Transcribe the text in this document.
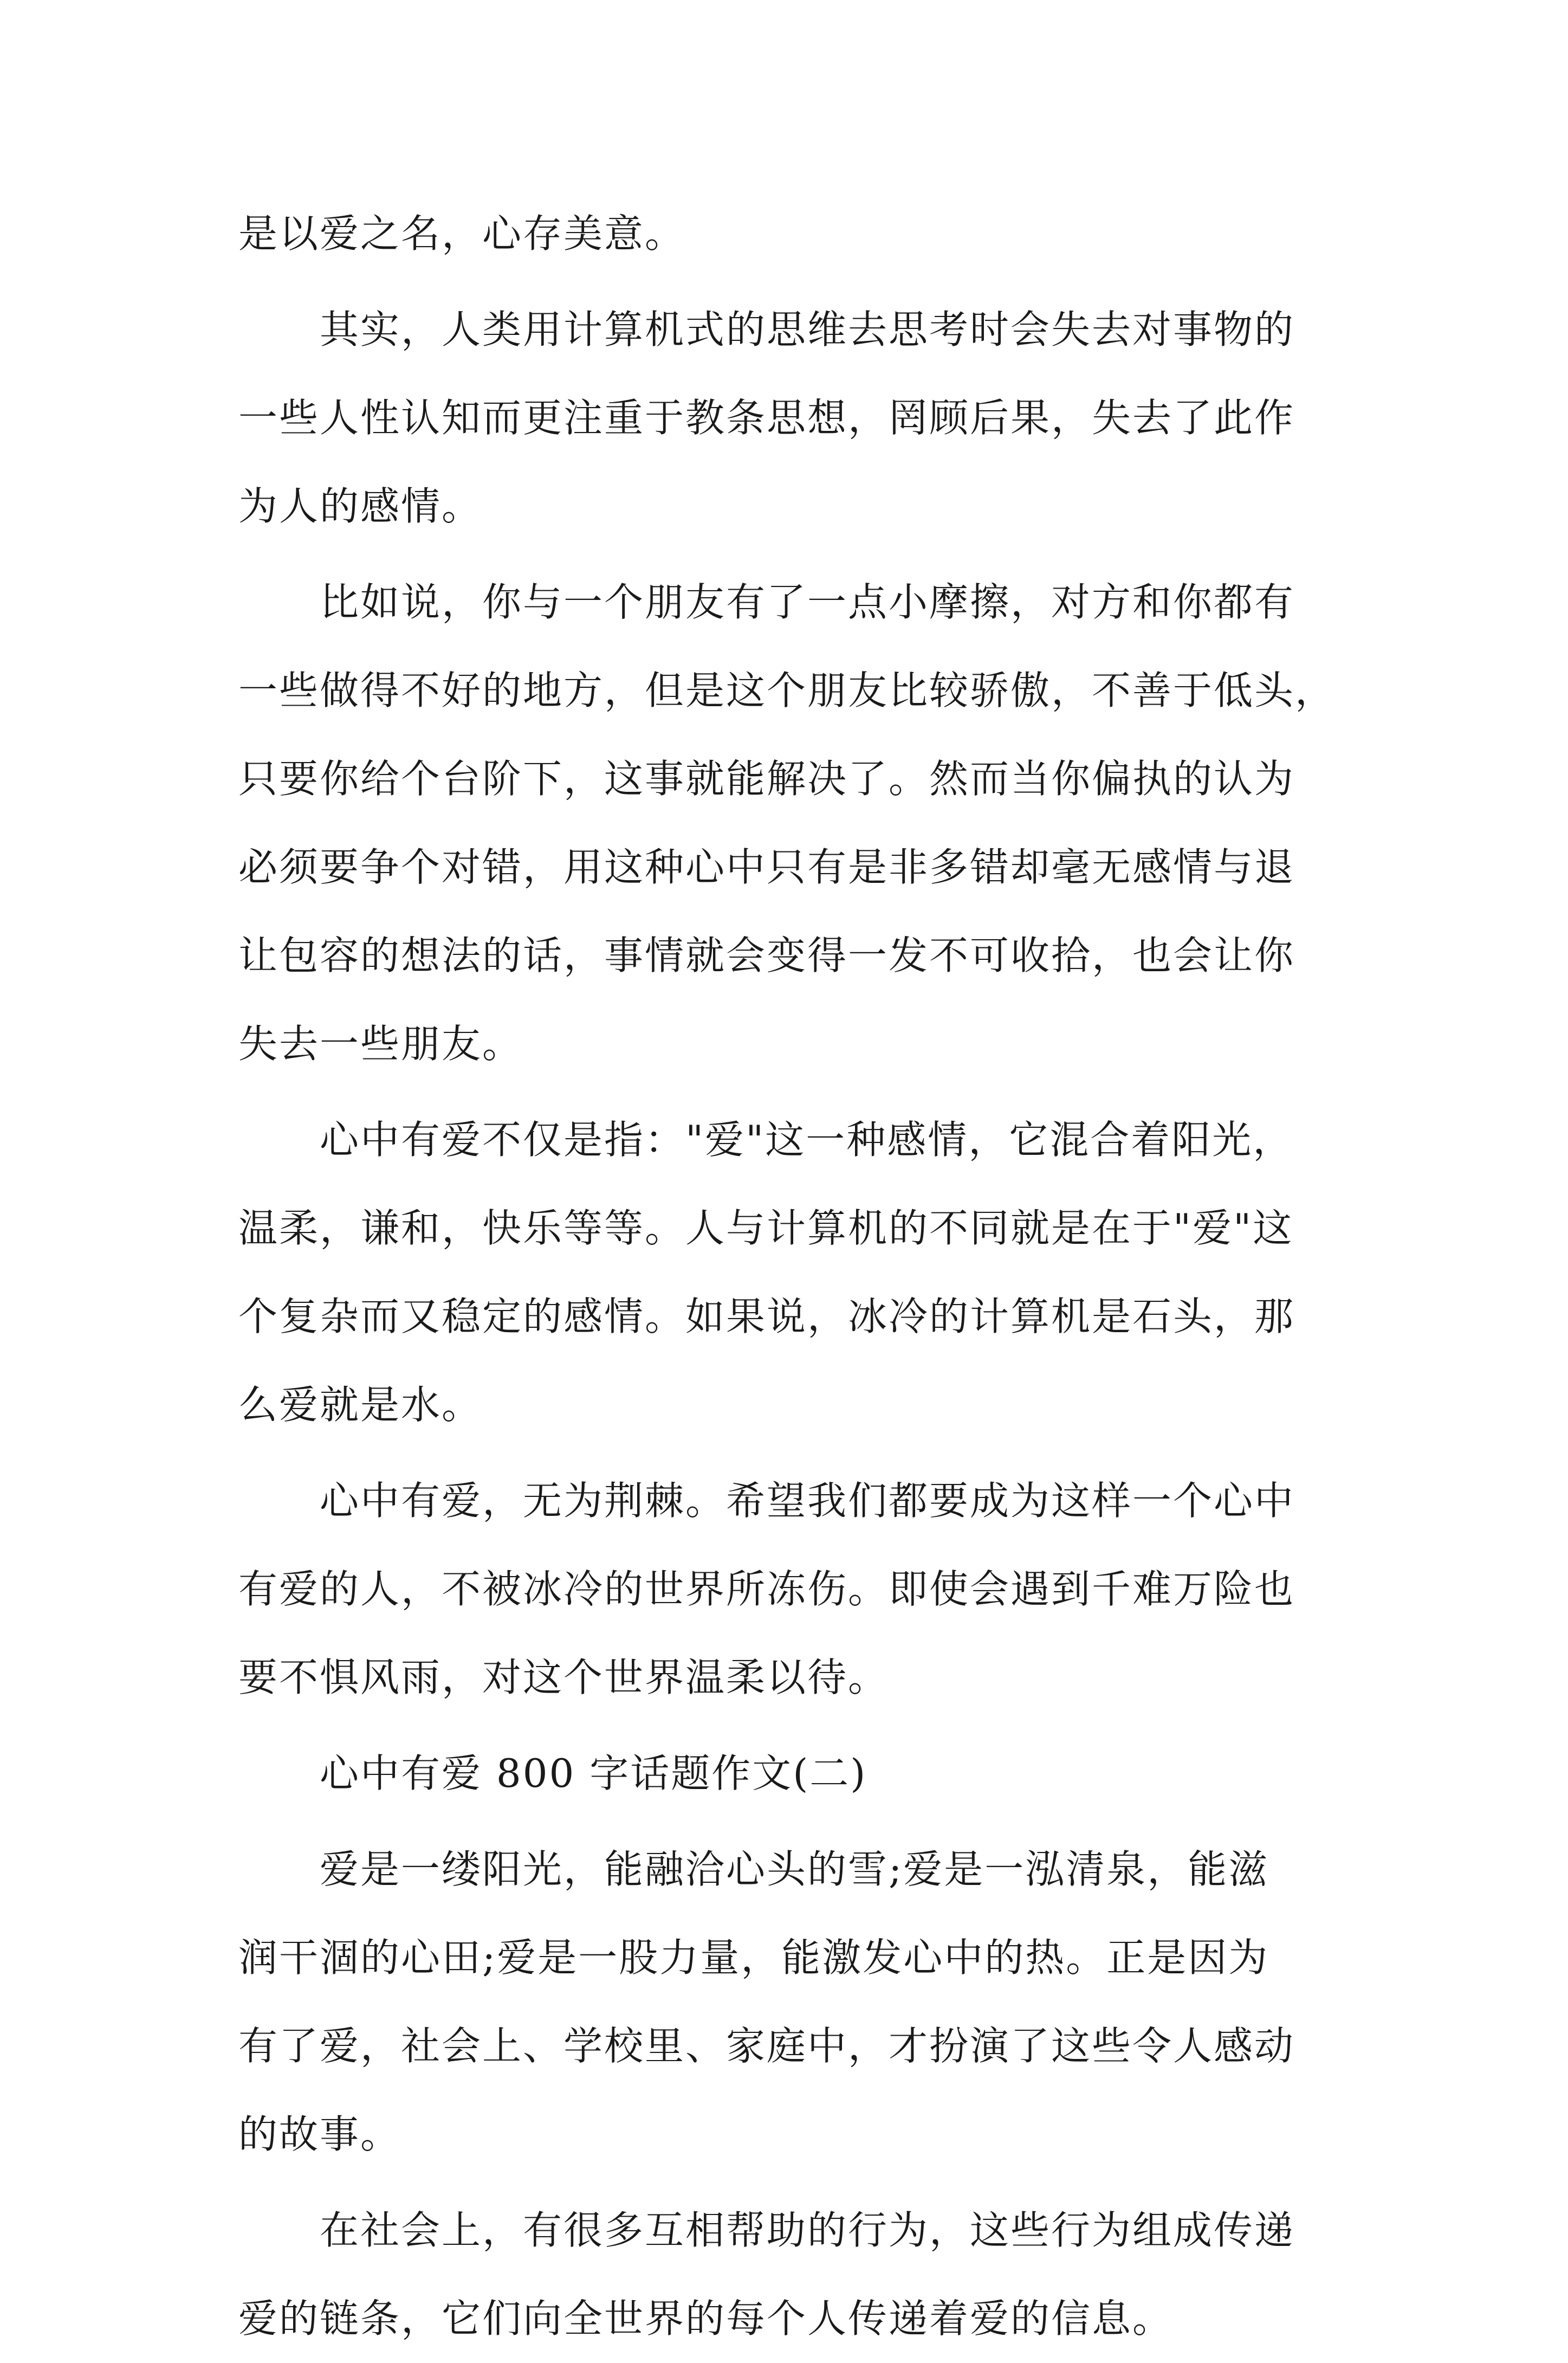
是以爱之名，心存美意。
　　其实，人类用计算机式的思维去思考时会失去对事物的
一些人性认知而更注重于教条思想，罔顾后果，失去了此作
为人的感情。
　　比如说，你与一个朋友有了一点小摩擦，对方和你都有
一些做得不好的地方，但是这个朋友比较骄傲，不善于低头，
只要你给个台阶下，这事就能解决了。然而当你偏执的认为
必须要争个对错，用这种心中只有是非多错却毫无感情与退
让包容的想法的话，事情就会变得一发不可收拾，也会让你
失去一些朋友。
　　心中有爱不仅是指："爱"这一种感情，它混合着阳光，
温柔，谦和，快乐等等。人与计算机的不同就是在于"爱"这
个复杂而又稳定的感情。如果说，冰冷的计算机是石头，那
么爱就是水。
　　心中有爱，无为荆棘。希望我们都要成为这样一个心中
有爱的人，不被冰冷的世界所冻伤。即使会遇到千难万险也
要不惧风雨，对这个世界温柔以待。
　　心中有爱 800 字话题作文(二)
　　爱是一缕阳光，能融洽心头的雪;爱是一泓清泉，能滋
润干涸的心田;爱是一股力量，能激发心中的热。正是因为
有了爱，社会上、学校里、家庭中，才扮演了这些令人感动
的故事。
　　在社会上，有很多互相帮助的行为，这些行为组成传递
爱的链条，它们向全世界的每个人传递着爱的信息。
